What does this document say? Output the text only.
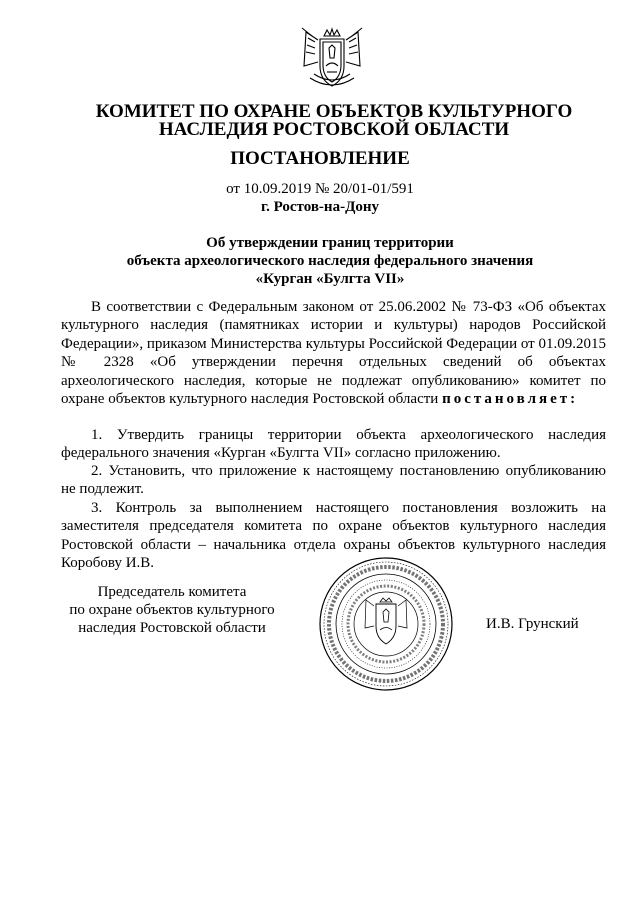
КОМИТЕТ ПО ОХРАНЕ ОБЪЕКТОВ КУЛЬТУРНОГО
НАСЛЕДИЯ РОСТОВСКОЙ ОБЛАСТИ
ПОСТАНОВЛЕНИЕ
от 10.09.2019 № 20/01-01/591
г. Ростов-на-Дону
Об утверждении границ территории
объекта археологического наследия федерального значения
«Курган «Булгта VII»

В соответствии с Федеральным законом от 25.06.2002 № 73-ФЗ «Об объектах культурного наследия (памятниках истории и культуры) народов Российской Федерации», приказом Министерства культуры Российской Федерации от 01.09.2015 № 2328 «Об утверждении перечня отдельных сведений об объектах археологического наследия, которые не подлежат опубликованию» комитет по охране объектов культурного наследия Ростовской области постановляет:

1. Утвердить границы территории объекта археологического наследия федерального значения «Курган «Булгта VII» согласно приложению.

2. Установить, что приложение к настоящему постановлению опубликованию не подлежит.

3. Контроль за выполнением настоящего постановления возложить на заместителя председателя комитета по охране объектов культурного наследия Ростовской области – начальника отдела охраны объектов культурного наследия Коробову И.В.

Председатель комитета
по охране объектов культурного
наследия Ростовской области	И.В. Грунский
